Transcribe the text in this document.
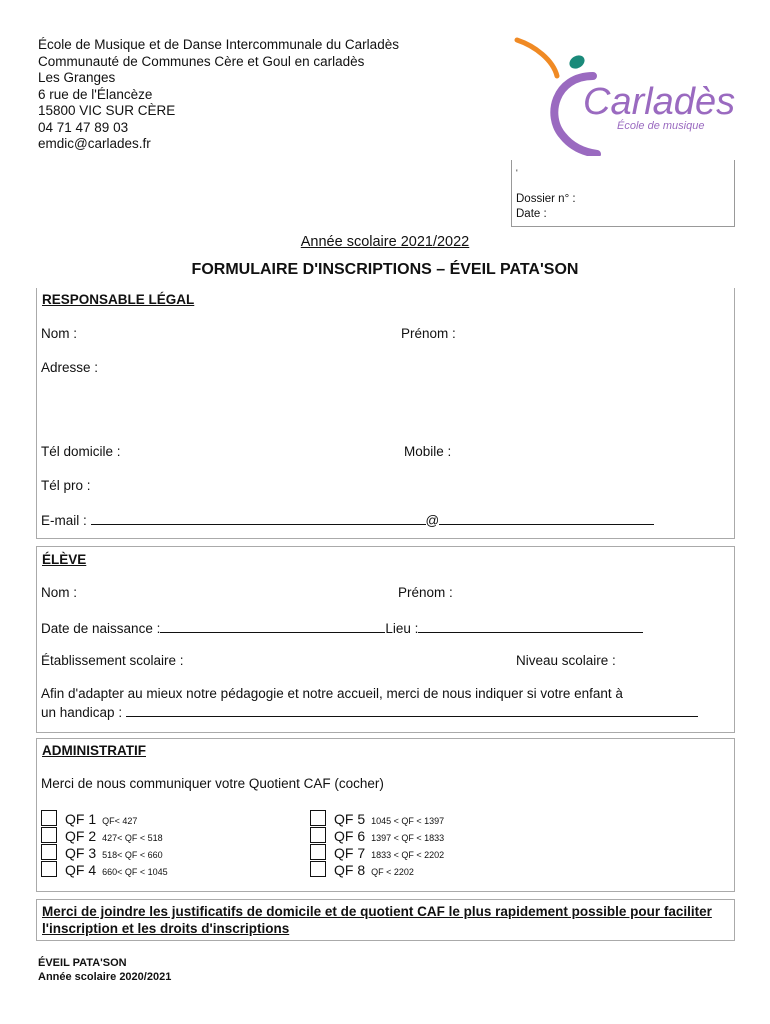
École de Musique et de Danse Intercommunale du Carladès
Communauté de Communes Cère et Goul en carladès
Les Granges
6 rue de l'Élancèze
15800 VIC SUR CÈRE
04 71 47 89 03
emdic@carlades.fr
Carladès
École de musique
'
Dossier n° :
Date :
Année scolaire 2021/2022
FORMULAIRE D'INSCRIPTIONS – ÉVEIL PATA'SON
RESPONSABLE LÉGAL
Nom :	Prénom :
Adresse :
Tél domicile :	Mobile :
Tél pro :
E-mail :	@
ÉLÈVE
Nom :	Prénom :
Date de naissance :	Lieu :
Établissement scolaire :	Niveau scolaire :
Afin d'adapter au mieux notre pédagogie et notre accueil, merci de nous indiquer si votre enfant à
un handicap :
ADMINISTRATIF
Merci de nous communiquer votre Quotient CAF (cocher)
QF 1 QF< 427
QF 2 427< QF < 518
QF 3 518< QF < 660
QF 4 660< QF < 1045
QF 5 1045 < QF < 1397
QF 6 1397 < QF < 1833
QF 7 1833 < QF < 2202
QF 8 QF < 2202
Merci de joindre les justificatifs de domicile et de quotient CAF le plus rapidement possible pour faciliter l'inscription et les droits d'inscriptions
ÉVEIL PATA'SON
Année scolaire 2020/2021
